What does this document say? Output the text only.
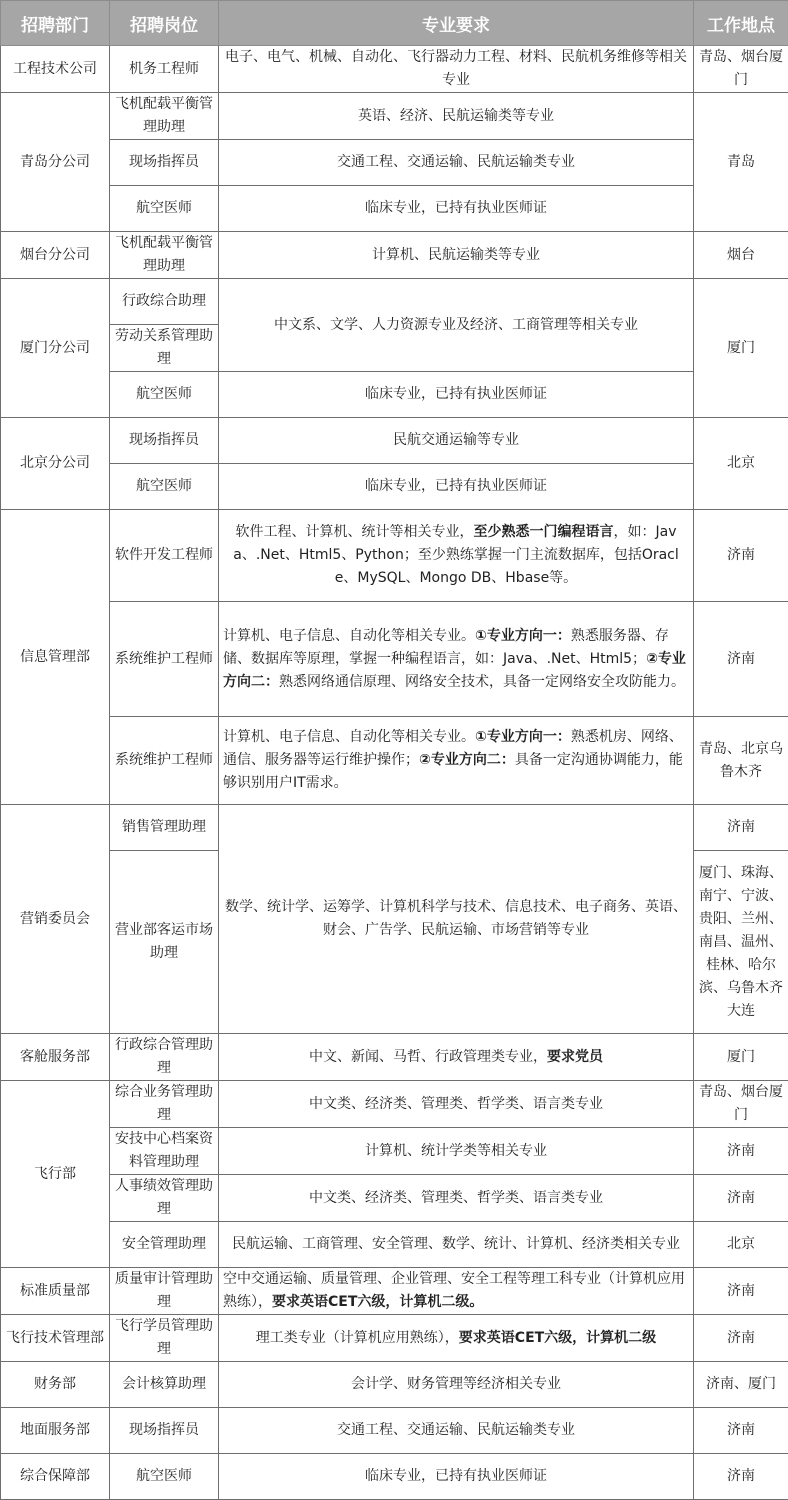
招聘部门	招聘岗位	专业要求	工作地点
工程技术公司	机务工程师	电子、电气、机械、自动化、飞行器动力工程、材料、民航机务维修等相关专业	青岛、烟台厦门
青岛分公司	飞机配载平衡管理助理	英语、经济、民航运输类等专业	青岛
	现场指挥员	交通工程、交通运输、民航运输类专业	
	航空医师	临床专业，已持有执业医师证	
烟台分公司	飞机配载平衡管理助理	计算机、民航运输类等专业	烟台
厦门分公司	行政综合助理	中文系、文学、人力资源专业及经济、工商管理等相关专业	厦门
	劳动关系管理助理		
	航空医师	临床专业，已持有执业医师证	
北京分公司	现场指挥员	民航交通运输等专业	北京
	航空医师	临床专业，已持有执业医师证	
信息管理部	软件开发工程师	软件工程、计算机、统计等相关专业，至少熟悉一门编程语言，如：Java、.Net、Html5、Python；至少熟练掌握一门主流数据库，包括Oracle、MySQL、Mongo DB、Hbase等。	济南
	系统维护工程师	计算机、电子信息、自动化等相关专业。①专业方向一：熟悉服务器、存储、数据库等原理，掌握一种编程语言，如：Java、.Net、Html5；②专业方向二：熟悉网络通信原理、网络安全技术，具备一定网络安全攻防能力。	济南
	系统维护工程师	计算机、电子信息、自动化等相关专业。①专业方向一：熟悉机房、网络、通信、服务器等运行维护操作；②专业方向二：具备一定沟通协调能力，能够识别用户IT需求。	青岛、北京乌鲁木齐
营销委员会	销售管理助理	数学、统计学、运筹学、计算机科学与技术、信息技术、电子商务、英语、财会、广告学、民航运输、市场营销等专业	济南
	营业部客运市场助理		厦门、珠海、南宁、宁波、贵阳、兰州、南昌、温州、桂林、哈尔滨、乌鲁木齐大连
客舱服务部	行政综合管理助理	中文、新闻、马哲、行政管理类专业，要求党员	厦门
飞行部	综合业务管理助理	中文类、经济类、管理类、哲学类、语言类专业	青岛、烟台厦门
	安技中心档案资料管理助理	计算机、统计学类等相关专业	济南
	人事绩效管理助理	中文类、经济类、管理类、哲学类、语言类专业	济南
	安全管理助理	民航运输、工商管理、安全管理、数学、统计、计算机、经济类相关专业	北京
标准质量部	质量审计管理助理	空中交通运输、质量管理、企业管理、安全工程等理工科专业（计算机应用熟练），要求英语CET六级，计算机二级。	济南
飞行技术管理部	飞行学员管理助理	理工类专业（计算机应用熟练），要求英语CET六级，计算机二级	济南
财务部	会计核算助理	会计学、财务管理等经济相关专业	济南、厦门
地面服务部	现场指挥员	交通工程、交通运输、民航运输类专业	济南
综合保障部	航空医师	临床专业，已持有执业医师证	济南
